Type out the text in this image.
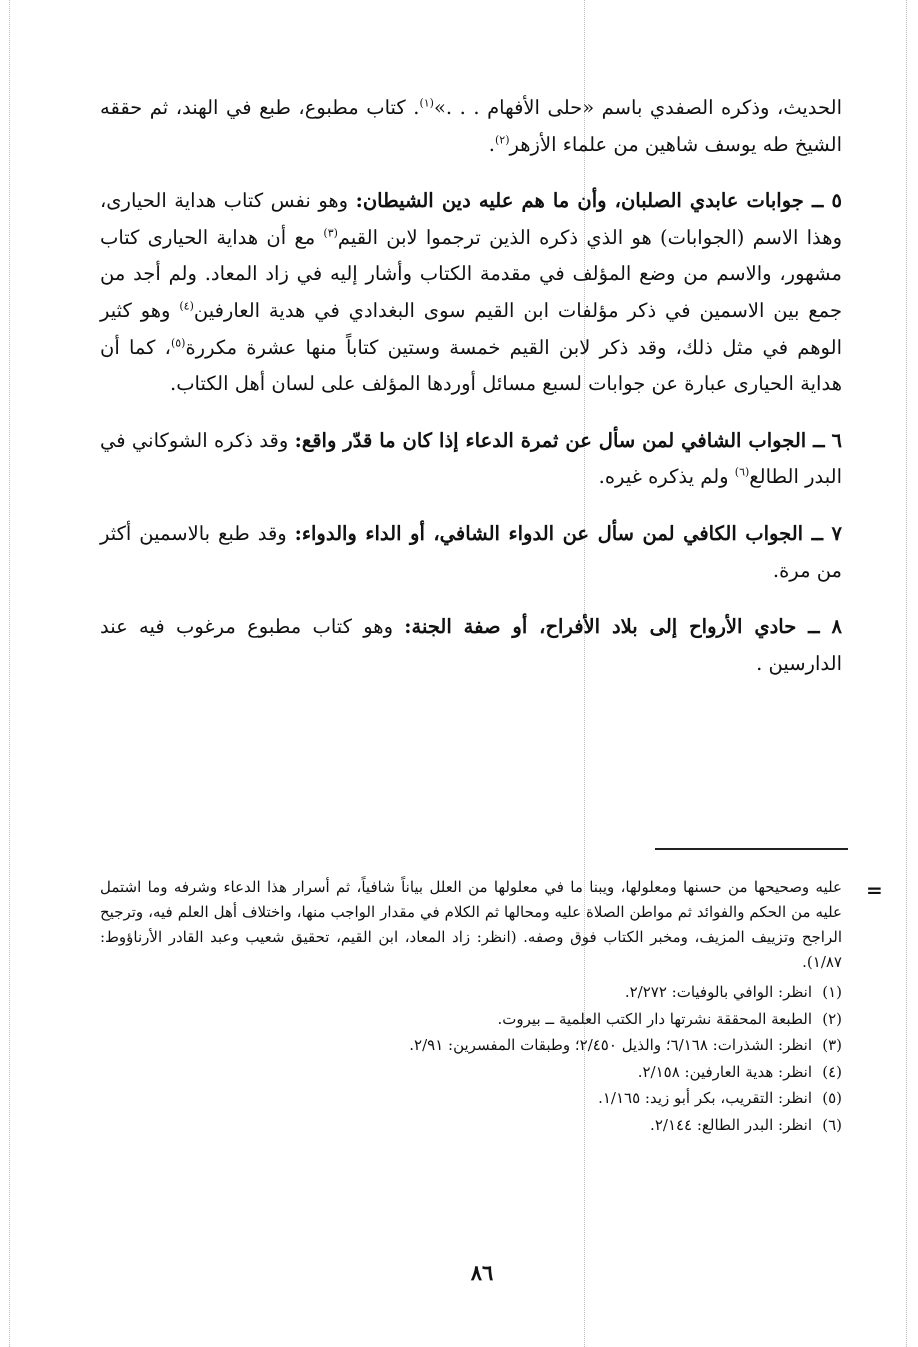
الحديث، وذكره الصفدي باسم «حلى الأفهام . . .»$^{(١)}$. كتاب مطبوع، طبع في الهند، ثم حققه الشيخ طه يوسف شاهين من علماء الأزهر$^{(٢)}$.

٥ ــ جوابات عابدي الصلبان، وأن ما هم عليه دين الشيطان: وهو نفس كتاب هداية الحيارى، وهذا الاسم (الجوابات) هو الذي ذكره الذين ترجموا لابن القيم$^{(٣)}$ مع أن هداية الحيارى كتاب مشهور، والاسم من وضع المؤلف في مقدمة الكتاب وأشار إليه في زاد المعاد. ولم أجد من جمع بين الاسمين في ذكر مؤلفات ابن القيم سوى البغدادي في هدية العارفين$^{(٤)}$ وهو كثير الوهم في مثل ذلك، وقد ذكر لابن القيم خمسة وستين كتاباً منها عشرة مكررة$^{(٥)}$، كما أن هداية الحيارى عبارة عن جوابات لسبع مسائل أوردها المؤلف على لسان أهل الكتاب.

٦ ــ الجواب الشافي لمن سأل عن ثمرة الدعاء إذا كان ما قدّر واقع: وقد ذكره الشوكاني في البدر الطالع$^{(٦)}$ ولم يذكره غيره.

٧ ــ الجواب الكافي لمن سأل عن الدواء الشافي، أو الداء والدواء: وقد طبع بالاسمين أكثر من مرة.

٨ ــ حادي الأرواح إلى بلاد الأفراح، أو صفة الجنة: وهو كتاب مطبوع مرغوب فيه عند الدارسين .

=

عليه وصحيحها من حسنها ومعلولها، ويبنا ما في معلولها من العلل بياناً شافياً، ثم أسرار هذا الدعاء وشرفه وما اشتمل عليه من الحكم والفوائد ثم مواطن الصلاة عليه ومحالها ثم الكلام في مقدار الواجب منها، واختلاف أهل العلم فيه، وترجيح الراجح وتزييف المزيف، ومخبر الكتاب فوق وصفه. (انظر: زاد المعاد، ابن القيم، تحقيق شعيب وعبد القادر الأرناؤوط: ١/٨٧).

(١)انظر: الوافي بالوفيات: ٢/٢٧٢.

(٢)الطبعة المحققة نشرتها دار الكتب العلمية ــ بيروت.

(٣)انظر: الشذرات: ٦/١٦٨؛ والذيل ٢/٤٥٠؛ وطبقات المفسرين: ٢/٩١.

(٤)انظر: هدية العارفين: ٢/١٥٨.

(٥)انظر: التقريب، بكر أبو زيد: ١/١٦٥.

(٦)انظر: البدر الطالع: ٢/١٤٤.

٨٦
